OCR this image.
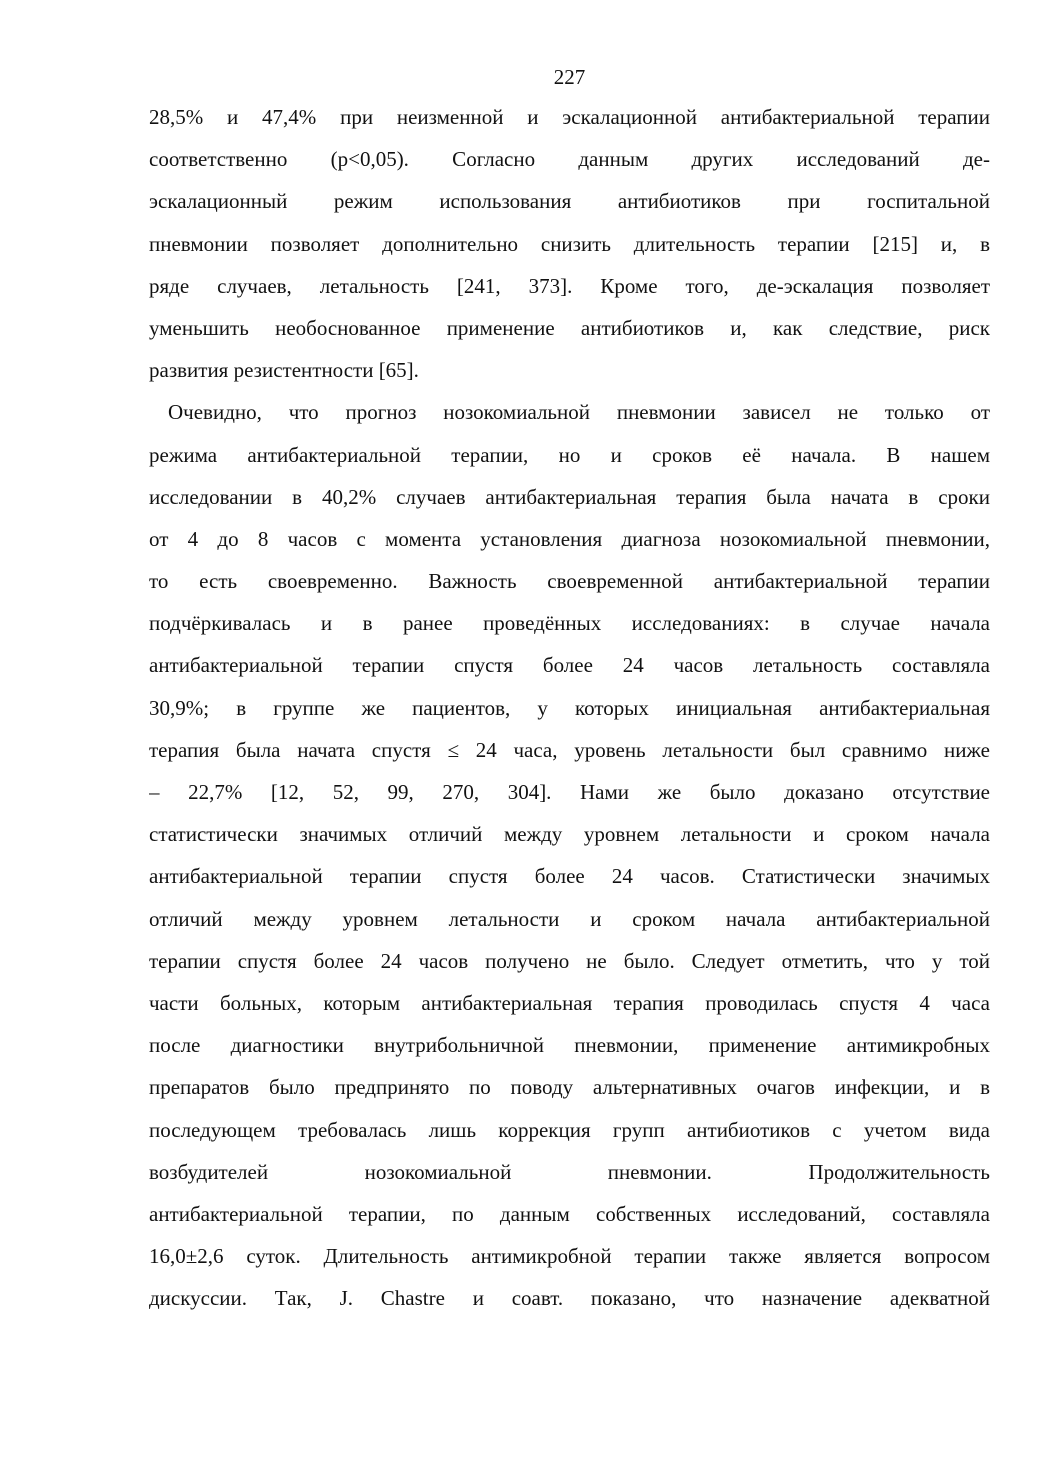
227
28,5% и 47,4% при неизменной и эскалационной антибактериальной терапии
соответственно (р<0,05). Согласно данным других исследований де-
эскалационный режим использования антибиотиков при госпитальной
пневмонии позволяет дополнительно снизить длительность терапии [215] и, в
ряде случаев, летальность [241, 373]. Кроме того, де-эскалация позволяет
уменьшить необоснованное применение антибиотиков и, как следствие, риск
развития резистентности [65].
Очевидно, что прогноз нозокомиальной пневмонии зависел не только от
режима антибактериальной терапии, но и сроков её начала. В нашем
исследовании в 40,2% случаев антибактериальная терапия была начата в сроки
от 4 до 8 часов с момента установления диагноза нозокомиальной пневмонии,
то есть своевременно. Важность своевременной антибактериальной терапии
подчёркивалась и в ранее проведённых исследованиях: в случае начала
антибактериальной терапии спустя более 24 часов летальность составляла
30,9%; в группе же пациентов, у которых инициальная антибактериальная
терапия была начата спустя ≤ 24 часа, уровень летальности был сравнимо ниже
– 22,7% [12, 52, 99, 270, 304]. Нами же было доказано отсутствие
статистически значимых отличий между уровнем летальности и сроком начала
антибактериальной терапии спустя более 24 часов. Статистически значимых
отличий между уровнем летальности и сроком начала антибактериальной
терапии спустя более 24 часов получено не было. Следует отметить, что у той
части больных, которым антибактериальная терапия проводилась спустя 4 часа
после диагностики внутрибольничной пневмонии, применение антимикробных
препаратов было предпринято по поводу альтернативных очагов инфекции, и в
последующем требовалась лишь коррекция групп антибиотиков с учетом вида
возбудителей нозокомиальной пневмонии. Продолжительность
антибактериальной терапии, по данным собственных исследований, составляла
16,0±2,6 суток. Длительность антимикробной терапии также является вопросом
дискуссии. Так, J. Chastre и соавт. показано, что назначение адекватной
